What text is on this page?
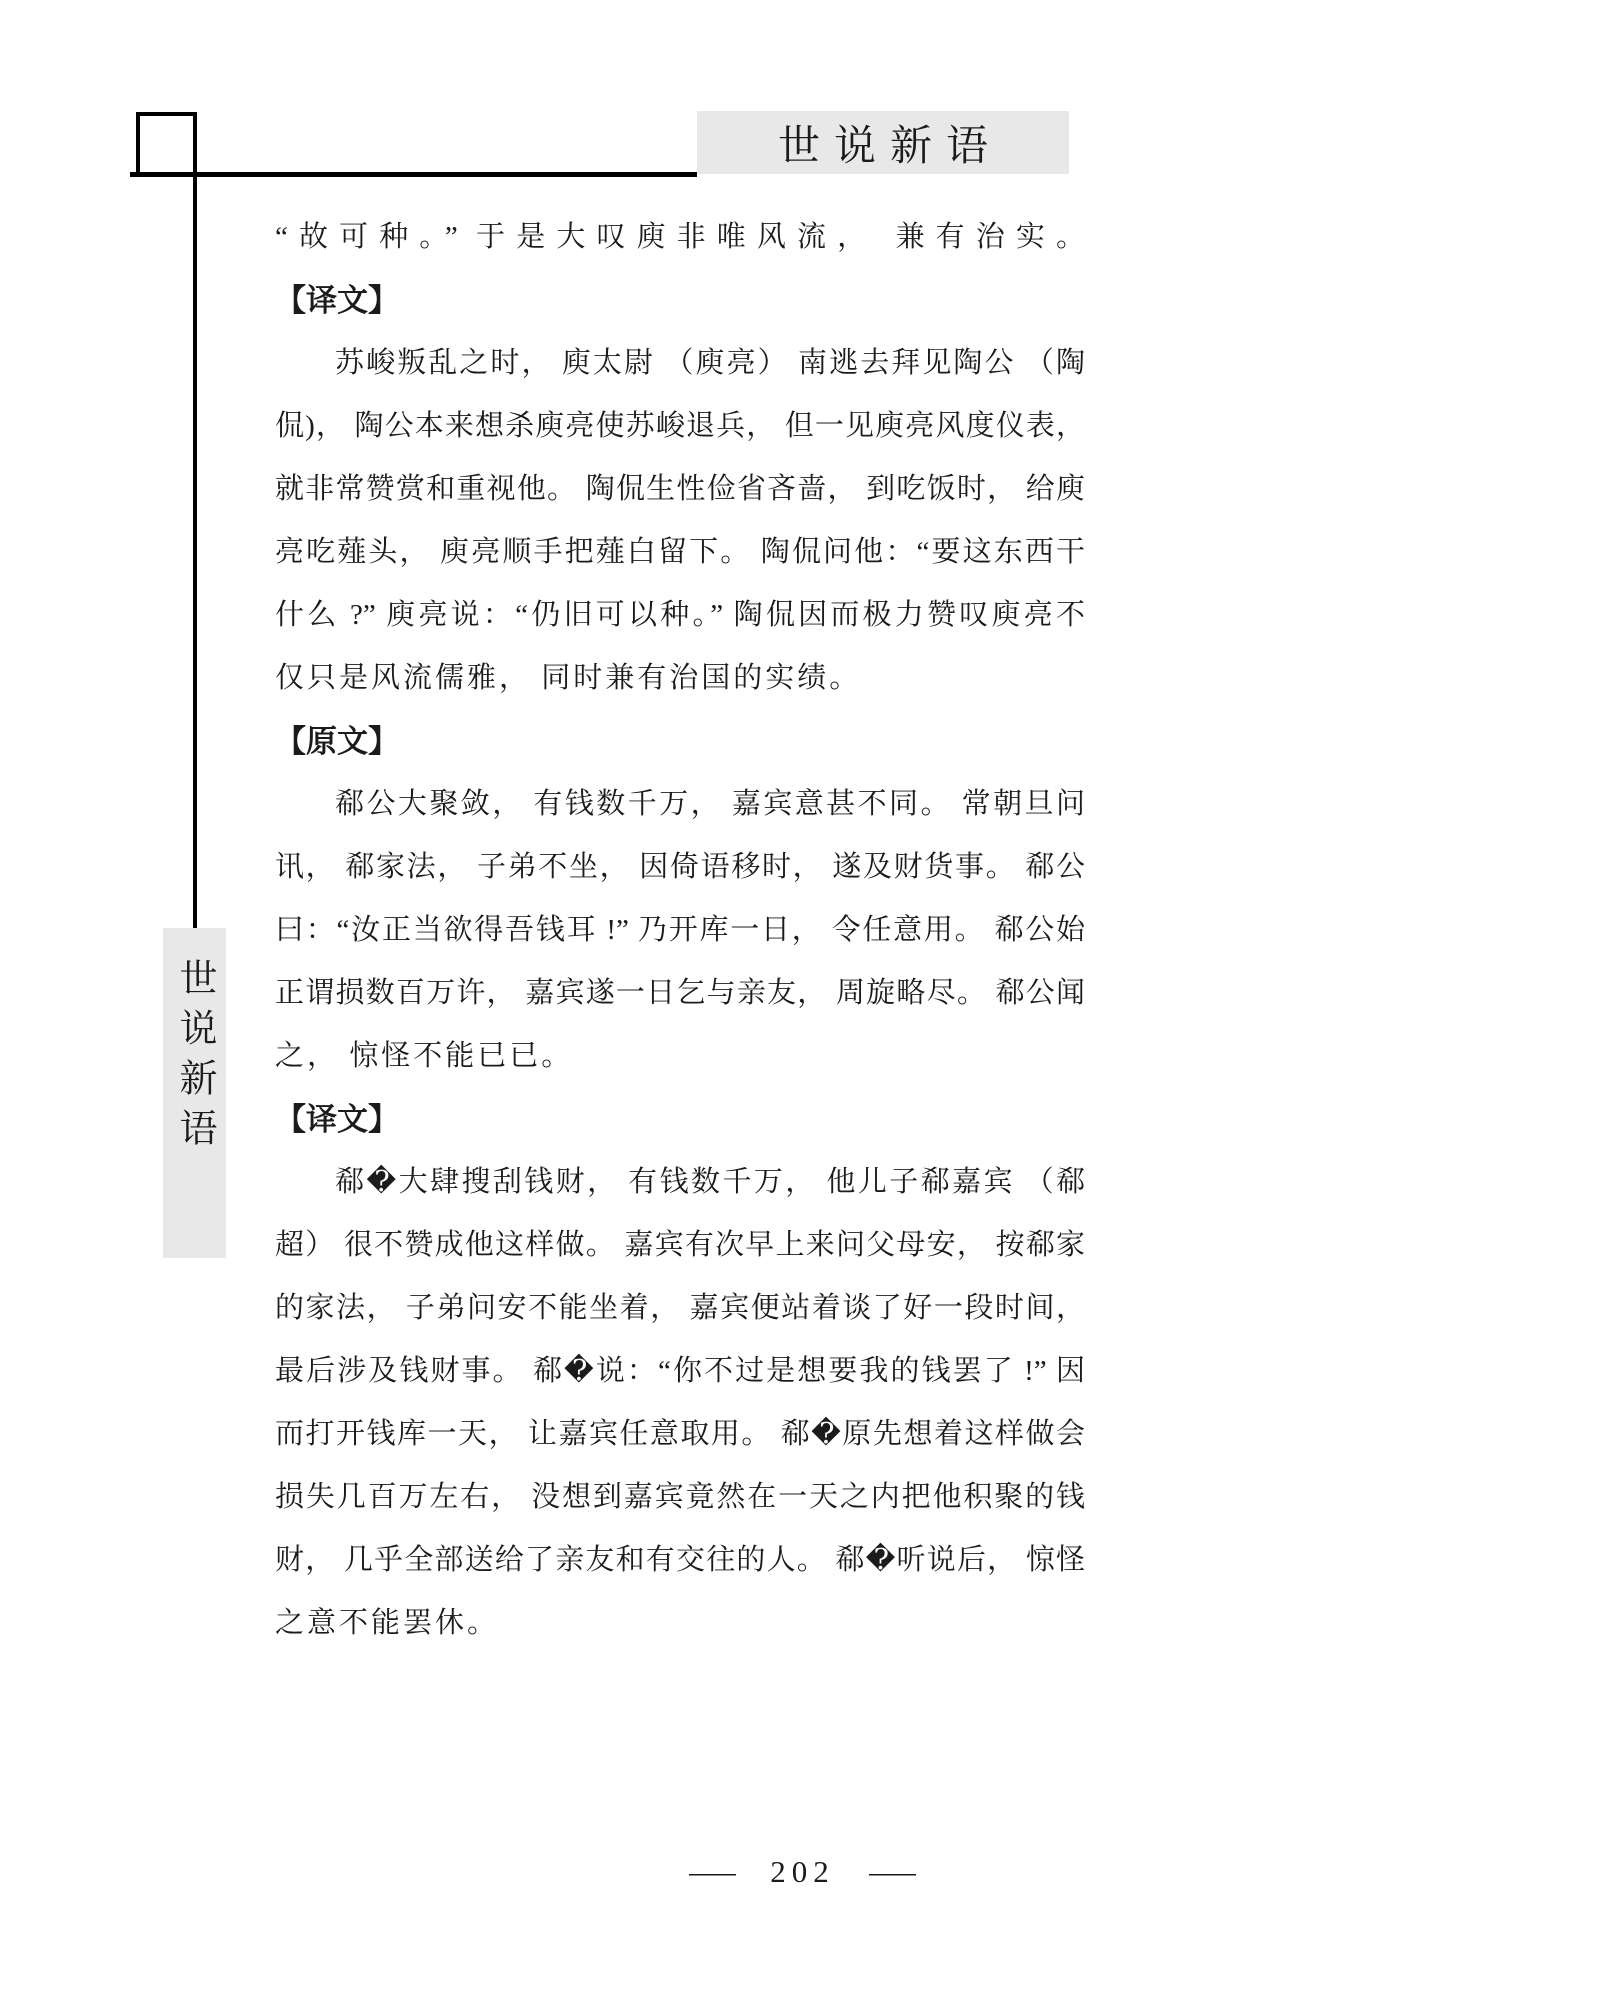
世说新语
世说新语
“故可种。” 于是大叹庾非唯风流， 兼有治实。
【译文】
苏峻叛乱之时， 庾太尉 （庾亮） 南逃去拜见陶公 （陶
侃)， 陶公本来想杀庾亮使苏峻退兵， 但一见庾亮风度仪表，
就非常赞赏和重视他。 陶侃生性俭省吝啬， 到吃饭时， 给庾
亮吃薤头， 庾亮顺手把薤白留下。 陶侃问他：“要这东西干
什么 ?” 庾亮说：“仍旧可以种。” 陶侃因而极力赞叹庾亮不
仅只是风流儒雅， 同时兼有治国的实绩。
【原文】
郗公大聚敛， 有钱数千万， 嘉宾意甚不同。 常朝旦问
讯， 郗家法， 子弟不坐， 因倚语移时， 遂及财货事。 郗公
曰：“汝正当欲得吾钱耳 !” 乃开库一日， 令任意用。 郗公始
正谓损数百万许， 嘉宾遂一日乞与亲友， 周旋略尽。 郗公闻
之， 惊怪不能已已。
【译文】
郗�大肆搜刮钱财， 有钱数千万， 他儿子郗嘉宾 （郗
超） 很不赞成他这样做。 嘉宾有次早上来问父母安， 按郗家
的家法， 子弟问安不能坐着， 嘉宾便站着谈了好一段时间，
最后涉及钱财事。 郗�说：“你不过是想要我的钱罢了 !” 因
而打开钱库一天， 让嘉宾任意取用。 郗�原先想着这样做会
损失几百万左右， 没想到嘉宾竟然在一天之内把他积聚的钱
财， 几乎全部送给了亲友和有交往的人。 郗�听说后， 惊怪
之意不能罢休。
— 202 —
